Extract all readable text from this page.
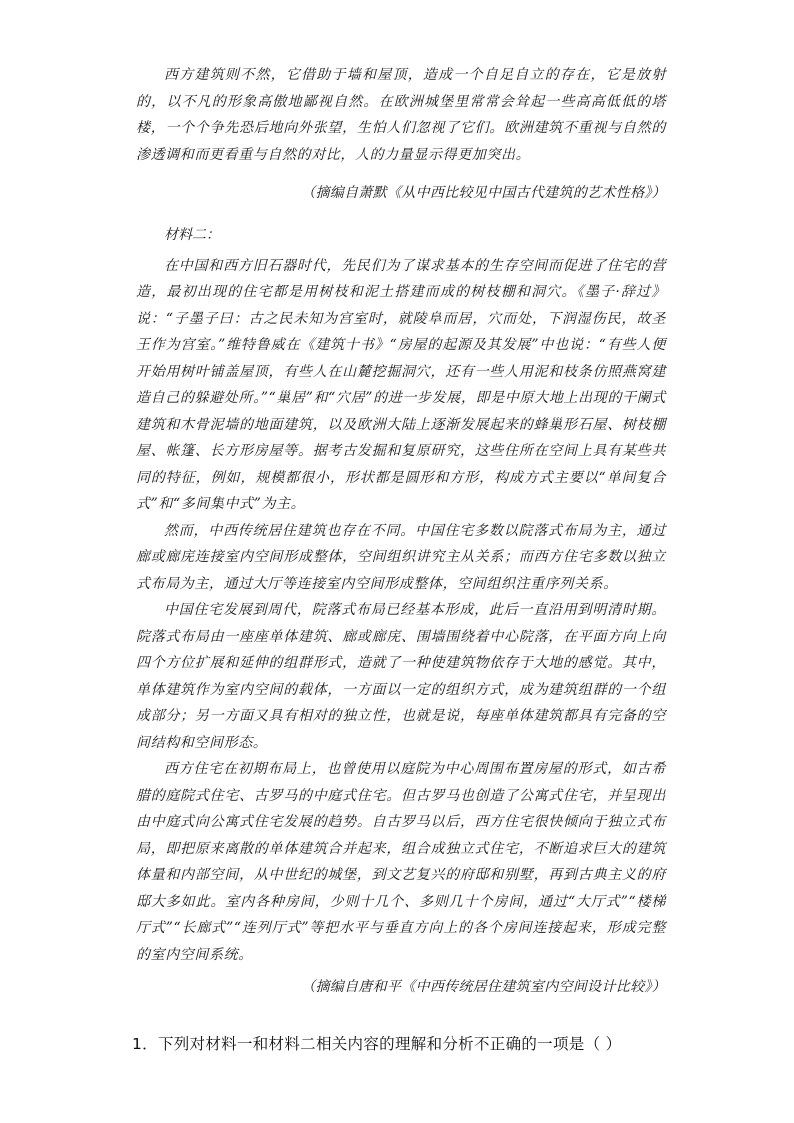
西方建筑则不然，它借助于墙和屋顶，造成一个自足自立的存在，它是放射的，以不凡的形象高傲地鄙视自然。在欧洲城堡里常常会耸起一些高高低低的塔楼，一个个争先恐后地向外张望，生怕人们忽视了它们。欧洲建筑不重视与自然的渗透调和而更看重与自然的对比，人的力量显示得更加突出。

（摘编自萧默《从中西比较见中国古代建筑的艺术性格》）

材料二：

在中国和西方旧石器时代，先民们为了谋求基本的生存空间而促进了住宅的营造，最初出现的住宅都是用树枝和泥土搭建而成的树枝棚和洞穴。《墨子·辞过》说：“子墨子曰：古之民未知为宫室时，就陵阜而居，穴而处，下润湿伤民，故圣王作为宫室。”维特鲁威在《建筑十书》“房屋的起源及其发展”中也说：“有些人便开始用树叶铺盖屋顶，有些人在山麓挖掘洞穴，还有一些人用泥和枝条仿照燕窝建造自己的躲避处所。”“巢居”和“穴居”的进一步发展，即是中原大地上出现的干阑式建筑和木骨泥墙的地面建筑，以及欧洲大陆上逐渐发展起来的蜂巢形石屋、树枝棚屋、帐篷、长方形房屋等。据考古发掘和复原研究，这些住所在空间上具有某些共同的特征，例如，规模都很小，形状都是圆形和方形，构成方式主要以“单间复合式”和“多间集中式”为主。

然而，中西传统居住建筑也存在不同。中国住宅多数以院落式布局为主，通过廊或廊庑连接室内空间形成整体，空间组织讲究主从关系；而西方住宅多数以独立式布局为主，通过大厅等连接室内空间形成整体，空间组织注重序列关系。

中国住宅发展到周代，院落式布局已经基本形成，此后一直沿用到明清时期。院落式布局由一座座单体建筑、廊或廊庑、围墙围绕着中心院落，在平面方向上向四个方位扩展和延伸的组群形式，造就了一种使建筑物依存于大地的感觉。其中，单体建筑作为室内空间的载体，一方面以一定的组织方式，成为建筑组群的一个组成部分；另一方面又具有相对的独立性，也就是说，每座单体建筑都具有完备的空间结构和空间形态。

西方住宅在初期布局上，也曾使用以庭院为中心周围布置房屋的形式，如古希腊的庭院式住宅、古罗马的中庭式住宅。但古罗马也创造了公寓式住宅，并呈现出由中庭式向公寓式住宅发展的趋势。自古罗马以后，西方住宅很快倾向于独立式布局，即把原来离散的单体建筑合并起来，组合成独立式住宅，不断追求巨大的建筑体量和内部空间，从中世纪的城堡，到文艺复兴的府邸和别墅，再到古典主义的府邸大多如此。室内各种房间，少则十几个、多则几十个房间，通过“大厅式”“楼梯厅式”“长廊式”“连列厅式”等把水平与垂直方向上的各个房间连接起来，形成完整的室内空间系统。

（摘编自唐和平《中西传统居住建筑室内空间设计比较》）

1．下列对材料一和材料二相关内容的理解和分析不正确的一项是（ ）
